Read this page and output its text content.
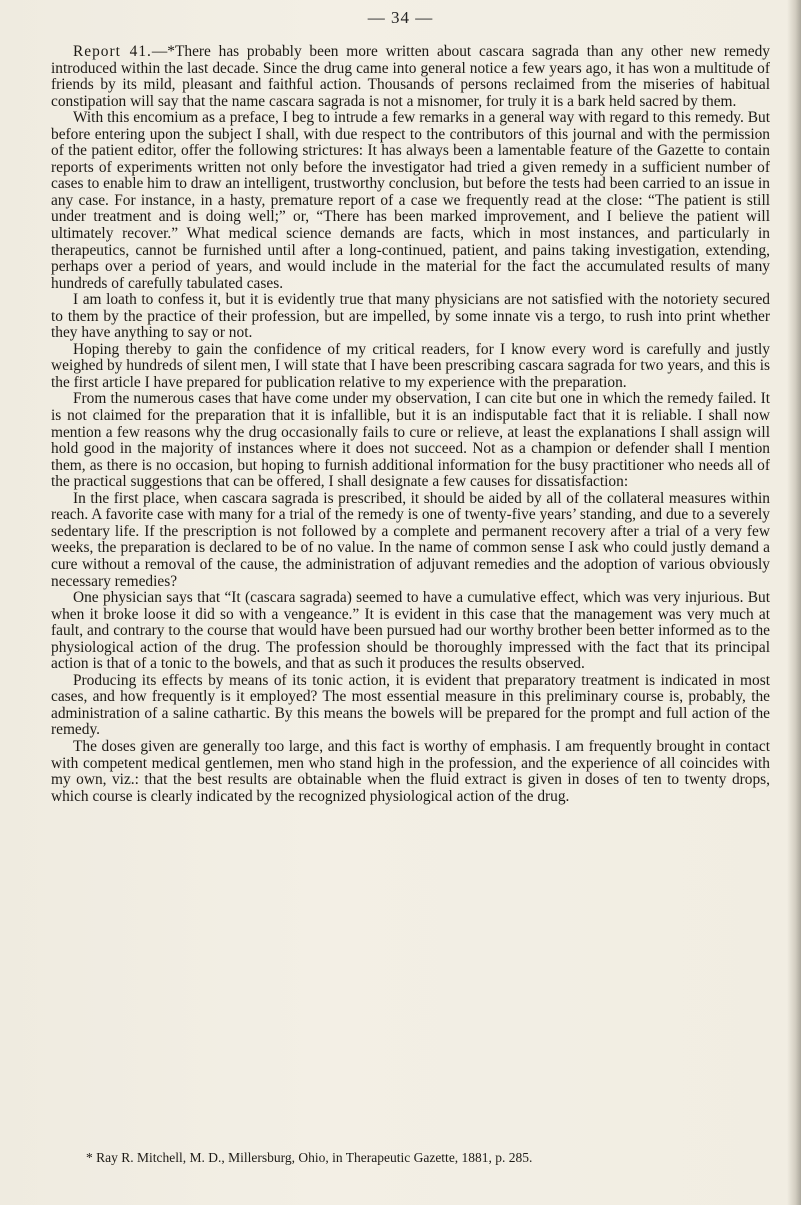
— 34 —

Report 41.—*There has probably been more written about cascara sagrada than any other new remedy introduced within the last decade. Since the drug came into general notice a few years ago, it has won a multitude of friends by its mild, pleasant and faithful action. Thousands of persons reclaimed from the miseries of habitual constipation will say that the name cascara sagrada is not a misnomer, for truly it is a bark held sacred by them.

With this encomium as a preface, I beg to intrude a few remarks in a general way with regard to this remedy. But before entering upon the subject I shall, with due respect to the contributors of this journal and with the permission of the patient editor, offer the following strictures: It has always been a lamentable feature of the Gazette to contain reports of experiments written not only before the investigator had tried a given remedy in a sufficient number of cases to enable him to draw an intelligent, trustworthy conclusion, but before the tests had been carried to an issue in any case. For instance, in a hasty, premature report of a case we frequently read at the close: “The patient is still under treatment and is doing well;” or, “There has been marked improvement, and I believe the patient will ultimately recover.” What medical science demands are facts, which in most instances, and particularly in therapeutics, cannot be furnished until after a long-continued, patient, and pains taking investigation, extending, perhaps over a period of years, and would include in the material for the fact the accumulated results of many hundreds of carefully tabulated cases.

I am loath to confess it, but it is evidently true that many physicians are not satisfied with the notoriety secured to them by the practice of their profession, but are impelled, by some innate vis a tergo, to rush into print whether they have anything to say or not.

Hoping thereby to gain the confidence of my critical readers, for I know every word is carefully and justly weighed by hundreds of silent men, I will state that I have been prescribing cascara sagrada for two years, and this is the first article I have prepared for publication relative to my experience with the preparation.

From the numerous cases that have come under my observation, I can cite but one in which the remedy failed. It is not claimed for the preparation that it is infallible, but it is an indisputable fact that it is reliable. I shall now mention a few reasons why the drug occasionally fails to cure or relieve, at least the explanations I shall assign will hold good in the majority of instances where it does not succeed. Not as a champion or defender shall I mention them, as there is no occasion, but hoping to furnish additional information for the busy practitioner who needs all of the practical suggestions that can be offered, I shall designate a few causes for dissatisfaction:

In the first place, when cascara sagrada is prescribed, it should be aided by all of the collateral measures within reach. A favorite case with many for a trial of the remedy is one of twenty-five years’ standing, and due to a severely sedentary life. If the prescription is not followed by a complete and permanent recovery after a trial of a very few weeks, the preparation is declared to be of no value. In the name of common sense I ask who could justly demand a cure without a removal of the cause, the administration of adjuvant remedies and the adoption of various obviously necessary remedies?

One physician says that “It (cascara sagrada) seemed to have a cumulative effect, which was very injurious. But when it broke loose it did so with a vengeance.” It is evident in this case that the management was very much at fault, and contrary to the course that would have been pursued had our worthy brother been better informed as to the physiological action of the drug. The profession should be thoroughly impressed with the fact that its principal action is that of a tonic to the bowels, and that as such it produces the results observed.

Producing its effects by means of its tonic action, it is evident that preparatory treatment is indicated in most cases, and how frequently is it employed? The most essential measure in this preliminary course is, probably, the administration of a saline cathartic. By this means the bowels will be prepared for the prompt and full action of the remedy.

The doses given are generally too large, and this fact is worthy of emphasis. I am frequently brought in contact with competent medical gentlemen, men who stand high in the profession, and the experience of all coincides with my own, viz.: that the best results are obtainable when the fluid extract is given in doses of ten to twenty drops, which course is clearly indicated by the recognized physiological action of the drug.

* Ray R. Mitchell, M. D., Millersburg, Ohio, in Therapeutic Gazette, 1881, p. 285.
